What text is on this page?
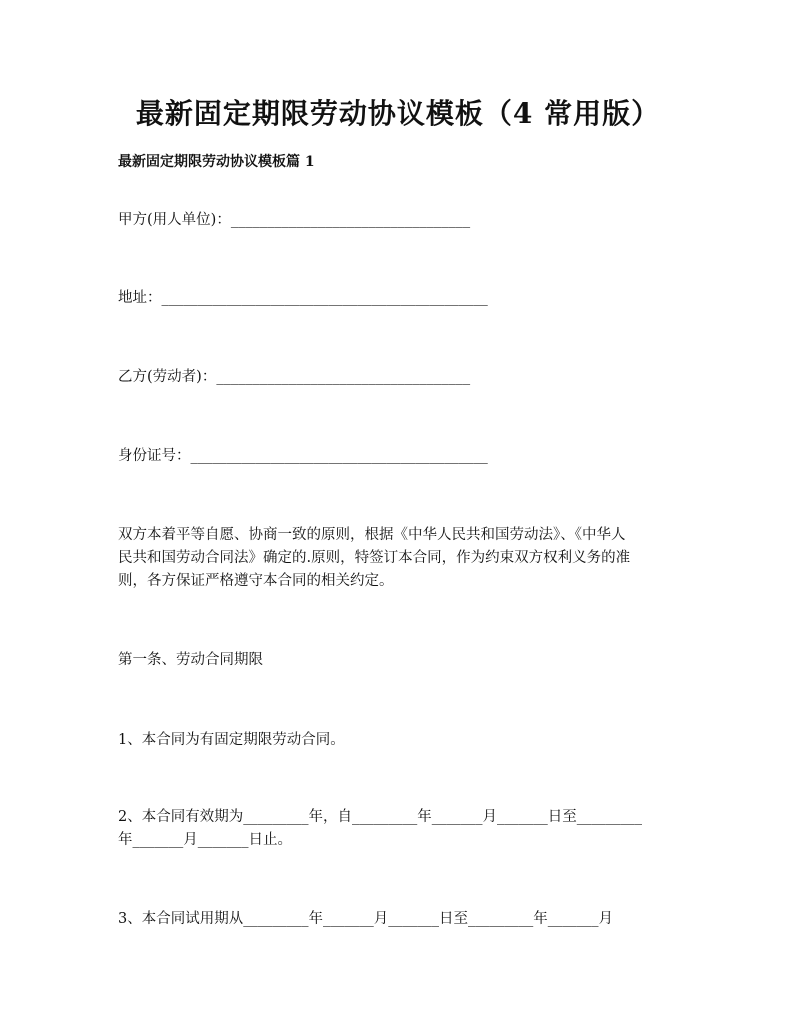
最新固定期限劳动协议模板（4 常用版）
最新固定期限劳动协议模板篇 1
甲方(用人单位)：_________________________________
地址：_____________________________________________
乙方(劳动者)：___________________________________
身份证号：_________________________________________
双方本着平等自愿、协商一致的原则，根据《中华人民共和国劳动法》、《中华人
民共和国劳动合同法》确定的.原则，特签订本合同，作为约束双方权利义务的准
则，各方保证严格遵守本合同的相关约定。
第一条、劳动合同期限
1、本合同为有固定期限劳动合同。
2、本合同有效期为_________年，自_________年_______月_______日至_________
年_______月_______日止。
3、本合同试用期从_________年_______月_______日至_________年_______月
